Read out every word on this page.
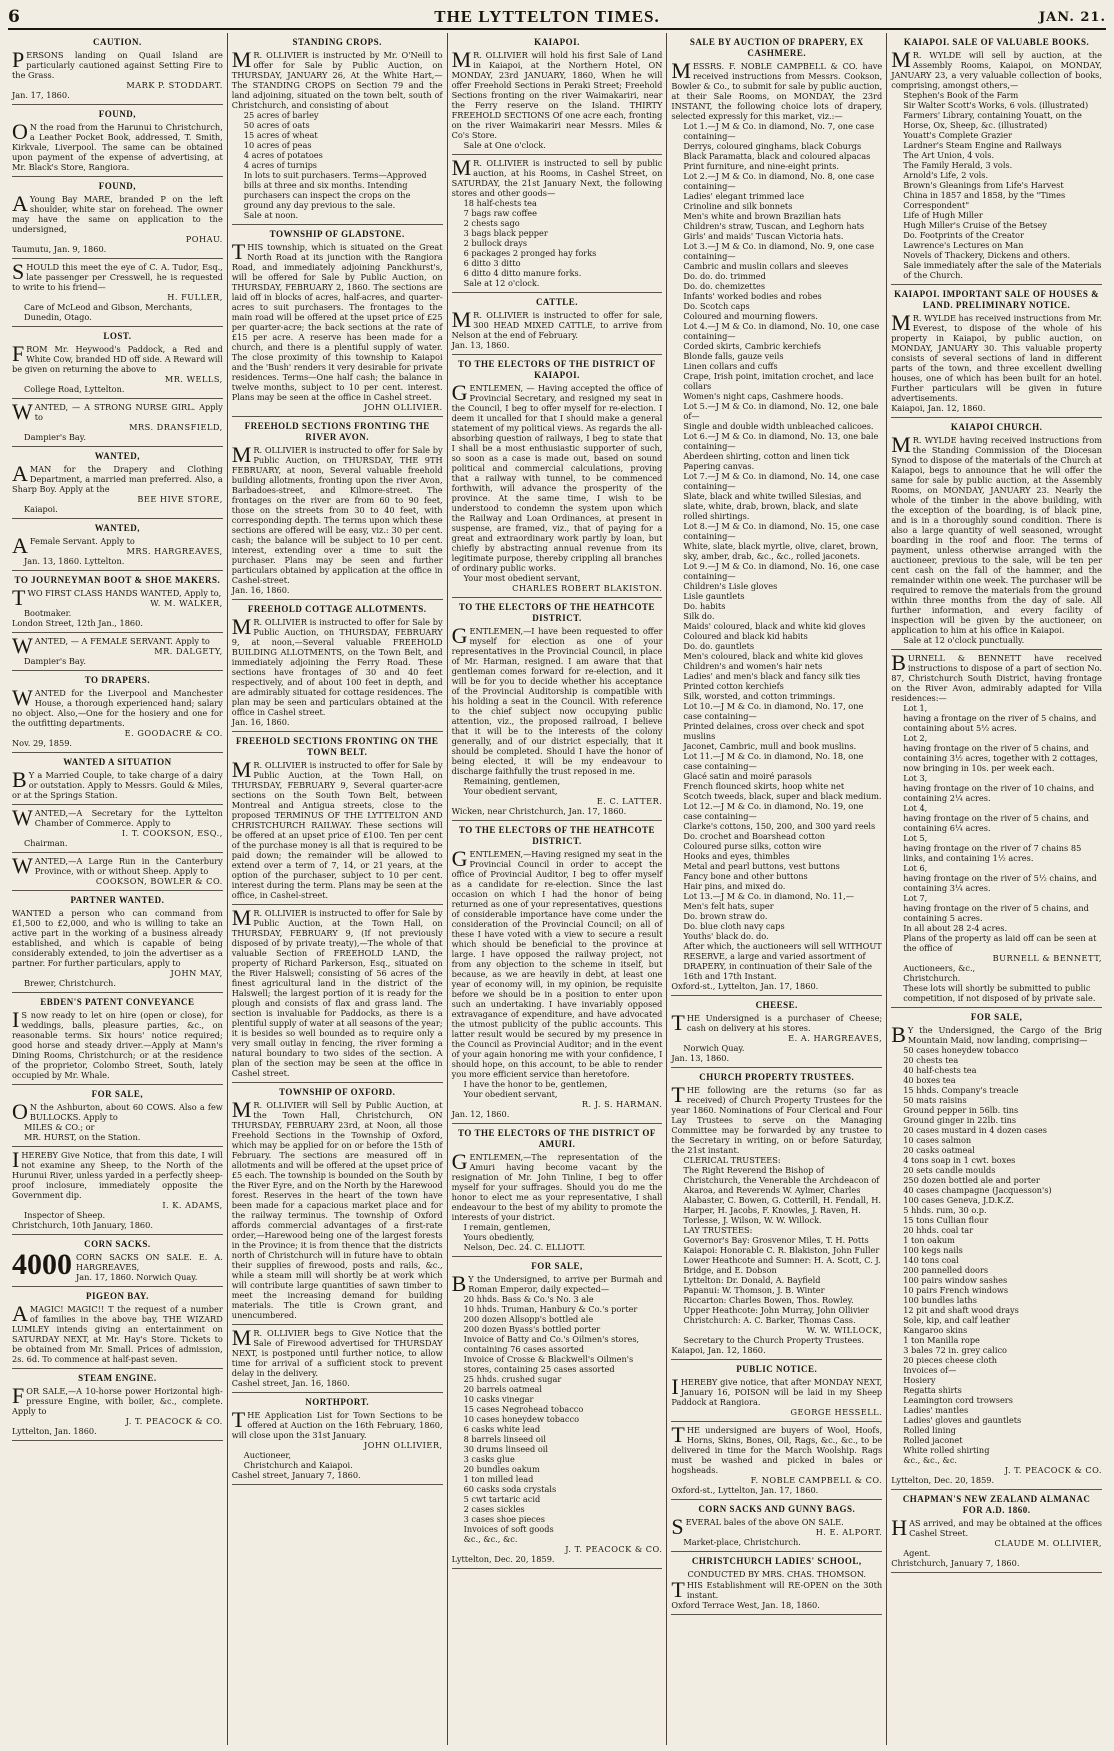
6	THE LYTTELTON TIMES.	JAN. 21.
CAUTION.

PERSONS landing on Quail Island are particularly cautioned against Setting Fire to the Grass.

MARK P. STODDART.
Jan. 17, 1860.
FOUND,

O N the road from the Harunui to Christchurch, a Leather Pocket Book, addressed, T. Smith, Kirkvale, Liverpool. The same can be obtained upon payment of the expense of advertising, at Mr. Black's Store, Rangiora.

FOUND,

A Young Bay MARE, branded P on the left shoulder, white star on forehead. The owner may have the same on application to the undersigned,

POHAU.
Taumutu, Jan. 9, 1860.

SHOULD this meet the eye of C. A. Tudor, Esq., late passenger per Cresswell, he is requested to write to his friend—

H. FULLER,
Care of McLeod and Gibson, Merchants,
Dunedin, Otago.
LOST.

FROM Mr. Heywood's Paddock, a Red and White Cow, branded HD off side. A Reward will be given on returning the above to

MR. WELLS,
College Road, Lyttelton.

WANTED, — A STRONG NURSE GIRL. Apply to

MRS. DRANSFIELD,
Dampier's Bay.
WANTED,

AMAN for the Drapery and Clothing Department, a married man preferred. Also, a Sharp Boy. Apply at the

BEE HIVE STORE,
Kaiapoi.
WANTED,

A Female Servant. Apply to

MRS. HARGREAVES,
Jan. 13, 1860. Lyttelton.
TO JOURNEYMAN BOOT & SHOE MAKERS.

TWO FIRST CLASS HANDS WANTED, Apply to,

W. M. WALKER,
Bootmaker.
London Street, 12th Jan., 1860.

WANTED, — A FEMALE SERVANT. Apply to

MR. DALGETY,
Dampier's Bay.
TO DRAPERS.

WANTED for the Liverpool and Manchester House, a thorough experienced hand; salary no object. Also,—One for the hosiery and one for the outfitting departments.

E. GOODACRE & CO.
Nov. 29, 1859.
WANTED A SITUATION

B Y a Married Couple, to take charge of a dairy or outstation. Apply to Messrs. Gould & Miles, or at the Springs Station.

WANTED,—A Secretary for the Lyttelton Chamber of Commerce. Apply to

I. T. COOKSON, ESQ.,
Chairman.

WANTED,—A Large Run in the Canterbury Province, with or without Sheep. Apply to

COOKSON, BOWLER & CO.
PARTNER WANTED.

WANTED a person who can command from £1,500 to £2,000, and who is willing to take an active part in the working of a business already established, and which is capable of being considerably extended, to join the advertiser as a partner. For further particulars, apply to

JOHN MAY,
Brewer, Christchurch.
EBDEN'S PATENT CONVEYANCE

I S now ready to let on hire (open or close), for weddings, balls, pleasure parties, &c., on reasonable terms. Six hours' notice required; good horse and steady driver.—Apply at Mann's Dining Rooms, Christchurch; or at the residence of the proprietor, Colombo Street, South, lately occupied by Mr. Whale.

FOR SALE,

O N the Ashburton, about 60 COWS. Also a few BULLOCKS. Apply to

MILES & CO.; or
MR. HURST, on the Station.

IHEREBY Give Notice, that from this date, I will not examine any Sheep, to the North of the Hurunui River, unless yarded in a perfectly sheep-proof inclosure, immediately opposite the Government dip.

I. K. ADAMS,
Inspector of Sheep.
Christchurch, 10th January, 1860.
CORN SACKS.

4000 CORN SACKS ON SALE. E. A. HARGREAVES,

Jan. 17, 1860. Norwich Quay.
PIGEON BAY.

AMAGIC! MAGIC!! T the request of a number of families in the above bay, THE WIZARD LUMLEY intends giving an entertainment on SATURDAY NEXT, at Mr. Hay's Store. Tickets to be obtained from Mr. Small. Prices of admission, 2s. 6d. To commence at half-past seven.

STEAM ENGINE.

FOR SALE,—A 10-horse power Horizontal high-pressure Engine, with boiler, &c., complete. Apply to

J. T. PEACOCK & CO.
Lyttelton, Jan. 1860.
STANDING CROPS.

M R. OLLIVIER is instructed by Mr. O'Neill to offer for Sale by Public Auction, on THURSDAY, JANUARY 26, At the White Hart,—The STANDING CROPS on Section 79 and the land adjoining, situated on the town belt, south of Christchurch, and consisting of about

25 acres of barley
50 acres of oats
15 acres of wheat
10 acres of peas
4 acres of potatoes
4 acres of turnips
In lots to suit purchasers. Terms—Approved bills at three and six months. Intending purchasers can inspect the crops on the ground any day previous to the sale.
Sale at noon.
TOWNSHIP OF GLADSTONE.

THIS township, which is situated on the Great North Road at its junction with the Rangiora Road, and immediately adjoining Panckhurst's, will be offered for Sale by Public Auction, on THURSDAY, FEBRUARY 2, 1860. The sections are laid off in blocks of acres, half-acres, and quarter-acres to suit purchasers. The frontages to the main road will be offered at the upset price of £25 per quarter-acre; the back sections at the rate of £15 per acre. A reserve has been made for a church, and there is a plentiful supply of water. The close proximity of this township to Kaiapoi and the 'Bush' renders it very desirable for private residences. Terms—One half cash; the balance in twelve months, subject to 10 per cent. interest. Plans may be seen at the office in Cashel street.

JOHN OLLIVIER.
FREEHOLD SECTIONS FRONTING THE RIVER AVON.

M R. OLLIVIER is instructed to offer for Sale by Public Auction, on THURSDAY, THE 9TH FEBRUARY, at noon, Several valuable freehold building allotments, fronting upon the river Avon, Barbadoes-street, and Kilmore-street. The frontages on the river are from 60 to 90 feet, those on the streets from 30 to 40 feet, with corresponding depth. The terms upon which these sections are offered will be easy, viz.: 30 per cent. cash; the balance will be subject to 10 per cent. interest, extending over a time to suit the purchaser. Plans may be seen and further particulars obtained by application at the office in Cashel-street.

Jan. 16, 1860.
FREEHOLD COTTAGE ALLOTMENTS.

M R. OLLIVIER is instructed to offer for Sale by Public Auction, on THURSDAY, FEBRUARY 9, at noon,—Several valuable FREEHOLD BUILDING ALLOTMENTS, on the Town Belt, and immediately adjoining the Ferry Road. These sections have frontages of 30 and 40 feet respectively, and of about 100 feet in depth, and are admirably situated for cottage residences. The plan may be seen and particulars obtained at the office in Cashel street.

Jan. 16, 1860.
FREEHOLD SECTIONS FRONTING ON THE TOWN BELT.

M R. OLLIVIER is instructed to offer for Sale by Public Auction, at the Town Hall, on THURSDAY, FEBRUARY 9, Several quarter-acre sections on the South Town Belt, between Montreal and Antigua streets, close to the proposed TERMINUS OF THE LYTTELTON AND CHRISTCHURCH RAILWAY. These sections will be offered at an upset price of £100. Ten per cent of the purchase money is all that is required to be paid down; the remainder will be allowed to extend over a term of 7, 14, or 21 years, at the option of the purchaser, subject to 10 per cent. interest during the term. Plans may be seen at the office, in Cashel-street.

M R. OLLIVIER is instructed to offer for Sale by Public Auction, at the Town Hall, on THURSDAY, FEBRUARY 9, (If not previously disposed of by private treaty),—The whole of that valuable Section of FREEHOLD LAND, the property of Richard Parkerson, Esq., situated on the River Halswell; consisting of 56 acres of the finest agricultural land in the district of the Halswell; the largest portion of it is ready for the plough and consists of flax and grass land. The section is invaluable for Paddocks, as there is a plentiful supply of water at all seasons of the year; it is besides so well bounded as to require only a very small outlay in fencing, the river forming a natural boundary to two sides of the section. A plan of the section may be seen at the office in Cashel street.

TOWNSHIP OF OXFORD.

M R. OLLIVIER will Sell by Public Auction, at the Town Hall, Christchurch, ON THURSDAY, FEBRUARY 23rd, at Noon, all those Freehold Sections in the Township of Oxford, which may be applied for on or before the 15th of February. The sections are measured off in allotments and will be offered at the upset price of £5 each. The township is bounded on the South by the River Eyre, and on the North by the Harewood forest. Reserves in the heart of the town have been made for a capacious market place and for the railway terminus. The township of Oxford affords commercial advantages of a first-rate order,—Harewood being one of the largest forests in the Province; it is from thence that the districts north of Christchurch will in future have to obtain their supplies of firewood, posts and rails, &c., while a steam mill will shortly be at work which will contribute large quantities of sawn timber to meet the increasing demand for building materials. The title is Crown grant, and unencumbered.

M R. OLLIVIER begs to Give Notice that the Sale of Firewood advertised for THURSDAY NEXT, is postponed until further notice, to allow time for arrival of a sufficient stock to prevent delay in the delivery.

Cashel street, Jan. 16, 1860.
NORTHPORT.

THE Application List for Town Sections to be offered at Auction on the 16th February, 1860, will close upon the 31st January.

JOHN OLLIVIER,
Auctioneer,
Christchurch and Kaiapoi.
Cashel street, January 7, 1860.
KAIAPOI.

M R. OLLIVIER will hold his first Sale of Land in Kaiapoi, at the Northern Hotel, ON MONDAY, 23rd JANUARY, 1860, When he will offer Freehold Sections in Peraki Street; Freehold Sections fronting on the river Waimakariri, near the Ferry reserve on the Island. THIRTY FREEHOLD SECTIONS Of one acre each, fronting on the river Waimakariri near Messrs. Miles & Co's Store.

Sale at One o'clock.

M R. OLLIVIER is instructed to sell by public auction, at his Rooms, in Cashel Street, on SATURDAY, the 21st January Next, the following stores and other goods—

18 half-chests tea
7 bags raw coffee
2 chests sago
3 bags black pepper
2 bullock drays
6 packages 2 pronged hay forks
6 ditto 3 ditto
6 ditto 4 ditto manure forks.
Sale at 12 o'clock.
CATTLE.

M R. OLLIVIER is instructed to offer for sale, 300 HEAD MIXED CATTLE, to arrive from Nelson at the end of February.

Jan. 13, 1860.
TO THE ELECTORS OF THE DISTRICT OF KAIAPOI.

GENTLEMEN, — Having accepted the office of Provincial Secretary, and resigned my seat in the Council, I beg to offer myself for re-election. I deem it uncalled for that I should make a general statement of my political views. As regards the all-absorbing question of railways, I beg to state that I shall be a most enthusiastic supporter of such, so soon as a case is made out, based on sound political and commercial calculations, proving that a railway with tunnel, to be commenced forthwith, will advance the prosperity of the province. At the same time, I wish to be understood to condemn the system upon which the Railway and Loan Ordinances, at present in suspense, are framed, viz., that of paying for a great and extraordinary work partly by loan, but chiefly by abstracting annual revenue from its legitimate purpose, thereby crippling all branches of ordinary public works.

Your most obedient servant,
CHARLES ROBERT BLAKISTON.
TO THE ELECTORS OF THE HEATHCOTE DISTRICT.

GENTLEMEN,—I have been requested to offer myself for election as one of your representatives in the Provincial Council, in place of Mr. Harman, resigned. I am aware that that gentleman comes forward for re-election, and it will be for you to decide whether his acceptance of the Provincial Auditorship is compatible with his holding a seat in the Council. With reference to the chief subject now occupying public attention, viz., the proposed railroad, I believe that it will be to the interests of the colony generally, and of our district especially, that it should be completed. Should I have the honor of being elected, it will be my endeavour to discharge faithfully the trust reposed in me.

Remaining, gentlemen,
Your obedient servant,
E. C. LATTER.
Wicken, near Christchurch, Jan. 17, 1860.
TO THE ELECTORS OF THE HEATHCOTE DISTRICT.

GENTLEMEN,—Having resigned my seat in the Provincial Council in order to accept the office of Provincial Auditor, I beg to offer myself as a candidate for re-election. Since the last occasion on which I had the honor of being returned as one of your representatives, questions of considerable importance have come under the consideration of the Provincial Council; on all of these I have voted with a view to secure a result which should be beneficial to the province at large. I have opposed the railway project, not from any objection to the scheme in itself, but because, as we are heavily in debt, at least one year of economy will, in my opinion, be requisite before we should be in a position to enter upon such an undertaking. I have invariably opposed extravagance of expenditure, and have advocated the utmost publicity of the public accounts. This latter result would be secured by my presence in the Council as Provincial Auditor; and in the event of your again honoring me with your confidence, I should hope, on this account, to be able to render you more efficient service than heretofore.

I have the honor to be, gentlemen,
Your obedient servant,
R. J. S. HARMAN.
Jan. 12, 1860.
TO THE ELECTORS OF THE DISTRICT OF AMURI.

GENTLEMEN,—The representation of the Amuri having become vacant by the resignation of Mr. John Tinline, I beg to offer myself for your suffrages. Should you do me the honor to elect me as your representative, I shall endeavour to the best of my ability to promote the interests of your district.

I remain, gentlemen,
Yours obediently,
Nelson, Dec. 24. C. ELLIOTT.
FOR SALE,

B Y the Undersigned, to arrive per Burmah and Roman Emperor, daily expected—

20 hhds. Bass & Co.'s No. 3 ale
10 hhds. Truman, Hanbury & Co.'s porter
200 dozen Allsopp's bottled ale
200 dozen Byass's bottled porter
Invoice of Batty and Co.'s Oilmen's stores, containing 76 cases assorted
Invoice of Crosse & Blackwell's Oilmen's stores, containing 25 cases assorted
25 hhds. crushed sugar
20 barrels oatmeal
10 casks vinegar
15 cases Negrohead tobacco
10 cases honeydew tobacco
6 casks white lead
8 barrels linseed oil
30 drums linseed oil
3 casks glue
20 bundles oakum
1 ton milled lead
60 casks soda crystals
5 cwt tartaric acid
2 cases sickles
3 cases shoe pieces
Invoices of soft goods
&c., &c., &c.
J. T. PEACOCK & CO.
Lyttelton, Dec. 20, 1859.
SALE BY AUCTION OF DRAPERY, EX CASHMERE.

MESSRS. F. NOBLE CAMPBELL & CO. have received instructions from Messrs. Cookson, Bowler & Co., to submit for sale by public auction, at their Sale Rooms, on MONDAY, the 23rd INSTANT, the following choice lots of drapery, selected expressly for this market, viz.:—

Lot 1.—J M & Co. in diamond, No. 7, one case containing—
Derrys, coloured ginghams, black Coburgs
Black Paramatta, black and coloured alpacas
Print furniture, and nine-eight prints.
Lot 2.—J M & Co. in diamond, No. 8, one case containing—
Ladies' elegant trimmed lace
Crinoline and silk bonnets
Men's white and brown Brazilian hats
Children's straw, Tuscan, and Leghorn hats
Girls' and maids' Tuscan Victoria hats.
Lot 3.—J M & Co. in diamond, No. 9, one case containing—
Cambric and muslin collars and sleeves
Do. do. do. trimmed
Do. do. chemizettes
Infants' worked bodies and robes
Do. Scotch caps
Coloured and mourning flowers.
Lot 4.—J M & Co. in diamond, No. 10, one case containing—
Corded skirts, Cambric kerchiefs
Blonde falls, gauze veils
Linen collars and cuffs
Crape, Irish point, imitation crochet, and lace collars
Women's night caps, Cashmere hoods.
Lot 5.—J M & Co. in diamond, No. 12, one bale of—
Single and double width unbleached calicoes.
Lot 6.—J M & Co. in diamond, No. 13, one bale containing—
Aberdeen shirting, cotton and linen tick
Papering canvas.
Lot 7.—J M & Co. in diamond, No. 14, one case containing—
Slate, black and white twilled Silesias, and slate, white, drab, brown, black, and slate rolled shirtings.
Lot 8.—J M & Co. in diamond, No. 15, one case containing—
White, slate, black myrtle, olive, claret, brown, sky, amber, drab, &c., &c., rolled jaconets.
Lot 9.—J M & Co. in diamond, No. 16, one case containing—
Children's Lisle gloves
Lisle gauntlets
Do. habits
Silk do.
Maids' coloured, black and white kid gloves
Coloured and black kid habits
Do. do. gauntlets
Men's coloured, black and white kid gloves
Children's and women's hair nets
Ladies' and men's black and fancy silk ties
Printed cotton kerchiefs
Silk, worsted, and cotton trimmings.
Lot 10.—J M & Co. in diamond, No. 17, one case containing—
Printed delaines, cross over check and spot muslins
Jaconet, Cambric, mull and book muslins.
Lot 11.—J M & Co. in diamond, No. 18, one case containing—
Glacé satin and moiré parasols
French flounced skirts, hoop white net
Scotch tweeds, black, super and black medium.
Lot 12.—J M & Co. in diamond, No. 19, one case containing—
Clarke's cottons, 150, 200, and 300 yard reels
Do. crochet and Boarshead cotton
Coloured purse silks, cotton wire
Hooks and eyes, thimbles
Metal and pearl buttons, vest buttons
Fancy bone and other buttons
Hair pins, and mixed do.
Lot 13.—J M & Co. in diamond, No. 11,—
Men's felt hats, super
Do. brown straw do.
Do. blue cloth navy caps
Youths' black do. do.
After which, the auctioneers will sell WITHOUT RESERVE, a large and varied assortment of DRAPERY, in continuation of their Sale of the 16th and 17th Instant.
Oxford-st., Lyttelton, Jan. 17, 1860.
CHEESE.

THE Undersigned is a purchaser of Cheese; cash on delivery at his stores.

E. A. HARGREAVES,
Norwich Quay.
Jan. 13, 1860.
CHURCH PROPERTY TRUSTEES.

THE following are the returns (so far as received) of Church Property Trustees for the year 1860. Nominations of Four Clerical and Four Lay Trustees to serve on the Managing Committee may be forwarded by any trustee to the Secretary in writing, on or before Saturday, the 21st instant.

CLERICAL TRUSTEES:
The Right Reverend the Bishop of Christchurch, the Venerable the Archdeacon of Akaroa, and Reverends W. Aylmer, Charles Alabaster, C. Bowen, G. Cotterill, H. Fendall, H. Harper, H. Jacobs, F. Knowles, J. Raven, H. Torlesse, J. Wilson, W. W. Willock.
LAY TRUSTEES:
Governor's Bay: Grosvenor Miles, T. H. Potts
Kaiapoi: Honorable C. R. Blakiston, John Fuller
Lower Heathcote and Sumner: H. A. Scott, C. J. Bridge, and E. Dobson
Lyttelton: Dr. Donald, A. Bayfield
Papanui: W. Thomson, J. B. Winter
Riccarton: Charles Bowen, Thos. Rowley.
Upper Heathcote: John Murray, John Ollivier
Christchurch: A. C. Barker, Thomas Cass.
W. W. WILLOCK,
Secretary to the Church Property Trustees.
Kaiapoi, Jan. 12, 1860.
PUBLIC NOTICE.

IHEREBY give notice, that after MONDAY NEXT, January 16, POISON will be laid in my Sheep Paddock at Rangiora.

GEORGE HESSELL.

THE undersigned are buyers of Wool, Hoofs, Horns, Skins, Bones, Oil, Rags, &c., &c., to be delivered in time for the March Woolship. Rags must be washed and picked in bales or hogsheads.

F. NOBLE CAMPBELL & CO.
Oxford-st., Lyttelton, Jan. 17, 1860.
CORN SACKS AND GUNNY BAGS.

SEVERAL bales of the above ON SALE.

H. E. ALPORT.
Market-place, Christchurch.
CHRISTCHURCH LADIES' SCHOOL,
CONDUCTED BY MRS. CHAS. THOMSON.

THIS Establishment will RE-OPEN on the 30th instant.

Oxford Terrace West, Jan. 18, 1860.
KAIAPOI. SALE OF VALUABLE BOOKS.

M R. WYLDE will sell by auction, at the Assembly Rooms, Kaiapoi, on MONDAY, JANUARY 23, a very valuable collection of books, comprising, amongst others,—

Stephen's Book of the Farm
Sir Walter Scott's Works, 6 vols. (illustrated)
Farmers' Library, containing Youatt, on the Horse, Ox, Sheep, &c. (illustrated)
Youatt's Complete Grazier
Lardner's Steam Engine and Railways
The Art Union, 4 vols.
The Family Herald, 3 vols.
Arnold's Life, 2 vols.
Brown's Gleanings from Life's Harvest
China in 1857 and 1858, by the "Times Correspondent"
Life of Hugh Miller
Hugh Miller's Cruise of the Betsey
Do. Footprints of the Creator
Lawrence's Lectures on Man
Novels of Thackery, Dickens and others.
Sale immediately after the sale of the Materials of the Church.
KAIAPOI. IMPORTANT SALE OF HOUSES & LAND. PRELIMINARY NOTICE.

M R. WYLDE has received instructions from Mr. Everest, to dispose of the whole of his property in Kaiapoi, by public auction, on MONDAY, JANUARY 30. This valuable property consists of several sections of land in different parts of the town, and three excellent dwelling houses, one of which has been built for an hotel. Further particulars will be given in future advertisements.

Kaiapoi, Jan. 12, 1860.
KAIAPOI CHURCH.

M R. WYLDE having received instructions from the Standing Commission of the Diocesan Synod to dispose of the materials of the Church at Kaiapoi, begs to announce that he will offer the same for sale by public auction, at the Assembly Rooms, on MONDAY, JANUARY 23. Nearly the whole of the timber in the above building, with the exception of the boarding, is of black pine, and is in a thoroughly sound condition. There is also a large quantity of well seasoned, wrought boarding in the roof and floor. The terms of payment, unless otherwise arranged with the auctioneer, previous to the sale, will be ten per cent cash on the fall of the hammer, and the remainder within one week. The purchaser will be required to remove the materials from the ground within three months from the day of sale. All further information, and every facility of inspection will be given by the auctioneer, on application to him at his office in Kaiapoi.

Sale at 12 o'clock punctually.

BURNELL & BENNETT have received instructions to dispose of a part of section No. 87, Christchurch South District, having frontage on the River Avon, admirably adapted for Villa residences:—

Lot 1,
having a frontage on the river of 5 chains, and containing about 5½ acres.
Lot 2,
having frontage on the river of 5 chains, and containing 3½ acres, together with 2 cottages, now bringing in 10s. per week each.
Lot 3,
having frontage on the river of 10 chains, and containing 2¼ acres.
Lot 4,
having frontage on the river of 5 chains, and containing 6¼ acres.
Lot 5,
having frontage on the river of 7 chains 85 links, and containing 1½ acres.
Lot 6,
having frontage on the river of 5½ chains, and containing 3¼ acres.
Lot 7,
having frontage on the river of 5 chains, and containing 5 acres.
In all about 28 2-4 acres.
Plans of the property as laid off can be seen at the office of
BURNELL & BENNETT,
Auctioneers, &c.,
Christchurch.
These lots will shortly be submitted to public competition, if not disposed of by private sale.
FOR SALE,

B Y the Undersigned, the Cargo of the Brig Mountain Maid, now landing, comprising—

50 cases honeydew tobacco
20 chests tea
40 half-chests tea
40 boxes tea
15 hhds. Company's treacle
50 mats raisins
Ground pepper in 56lb. tins
Ground ginger in 22lb. tins
20 cases mustard in 4 dozen cases
10 cases salmon
20 casks oatmeal
4 tons soap in 1 cwt. boxes
20 sets candle moulds
250 dozen bottled ale and porter
40 cases champagne (Jacquesson's)
100 cases Geneva, J.D.K.Z.
5 hhds. rum, 30 o.p.
15 tons Cullian flour
20 hhds. coal tar
1 ton oakum
100 kegs nails
140 tons coal
200 pannelled doors
100 pairs window sashes
10 pairs French windows
100 bundles laths
12 pit and shaft wood drays
Sole, kip, and calf leather
Kangaroo skins
1 ton Manilla rope
3 bales 72 in. grey calico
20 pieces cheese cloth
Invoices of—
Hosiery
Regatta shirts
Leamington cord trowsers
Ladies' mantles
Ladies' gloves and gauntlets
Rolled lining
Rolled jaconet
White rolled shirting
&c., &c., &c.
J. T. PEACOCK & CO.
Lyttelton, Dec. 20, 1859.
CHAPMAN'S NEW ZEALAND ALMANAC FOR A.D. 1860.

HAS arrived, and may be obtained at the offices Cashel Street.

CLAUDE M. OLLIVIER,
Agent.
Christchurch, January 7, 1860.
